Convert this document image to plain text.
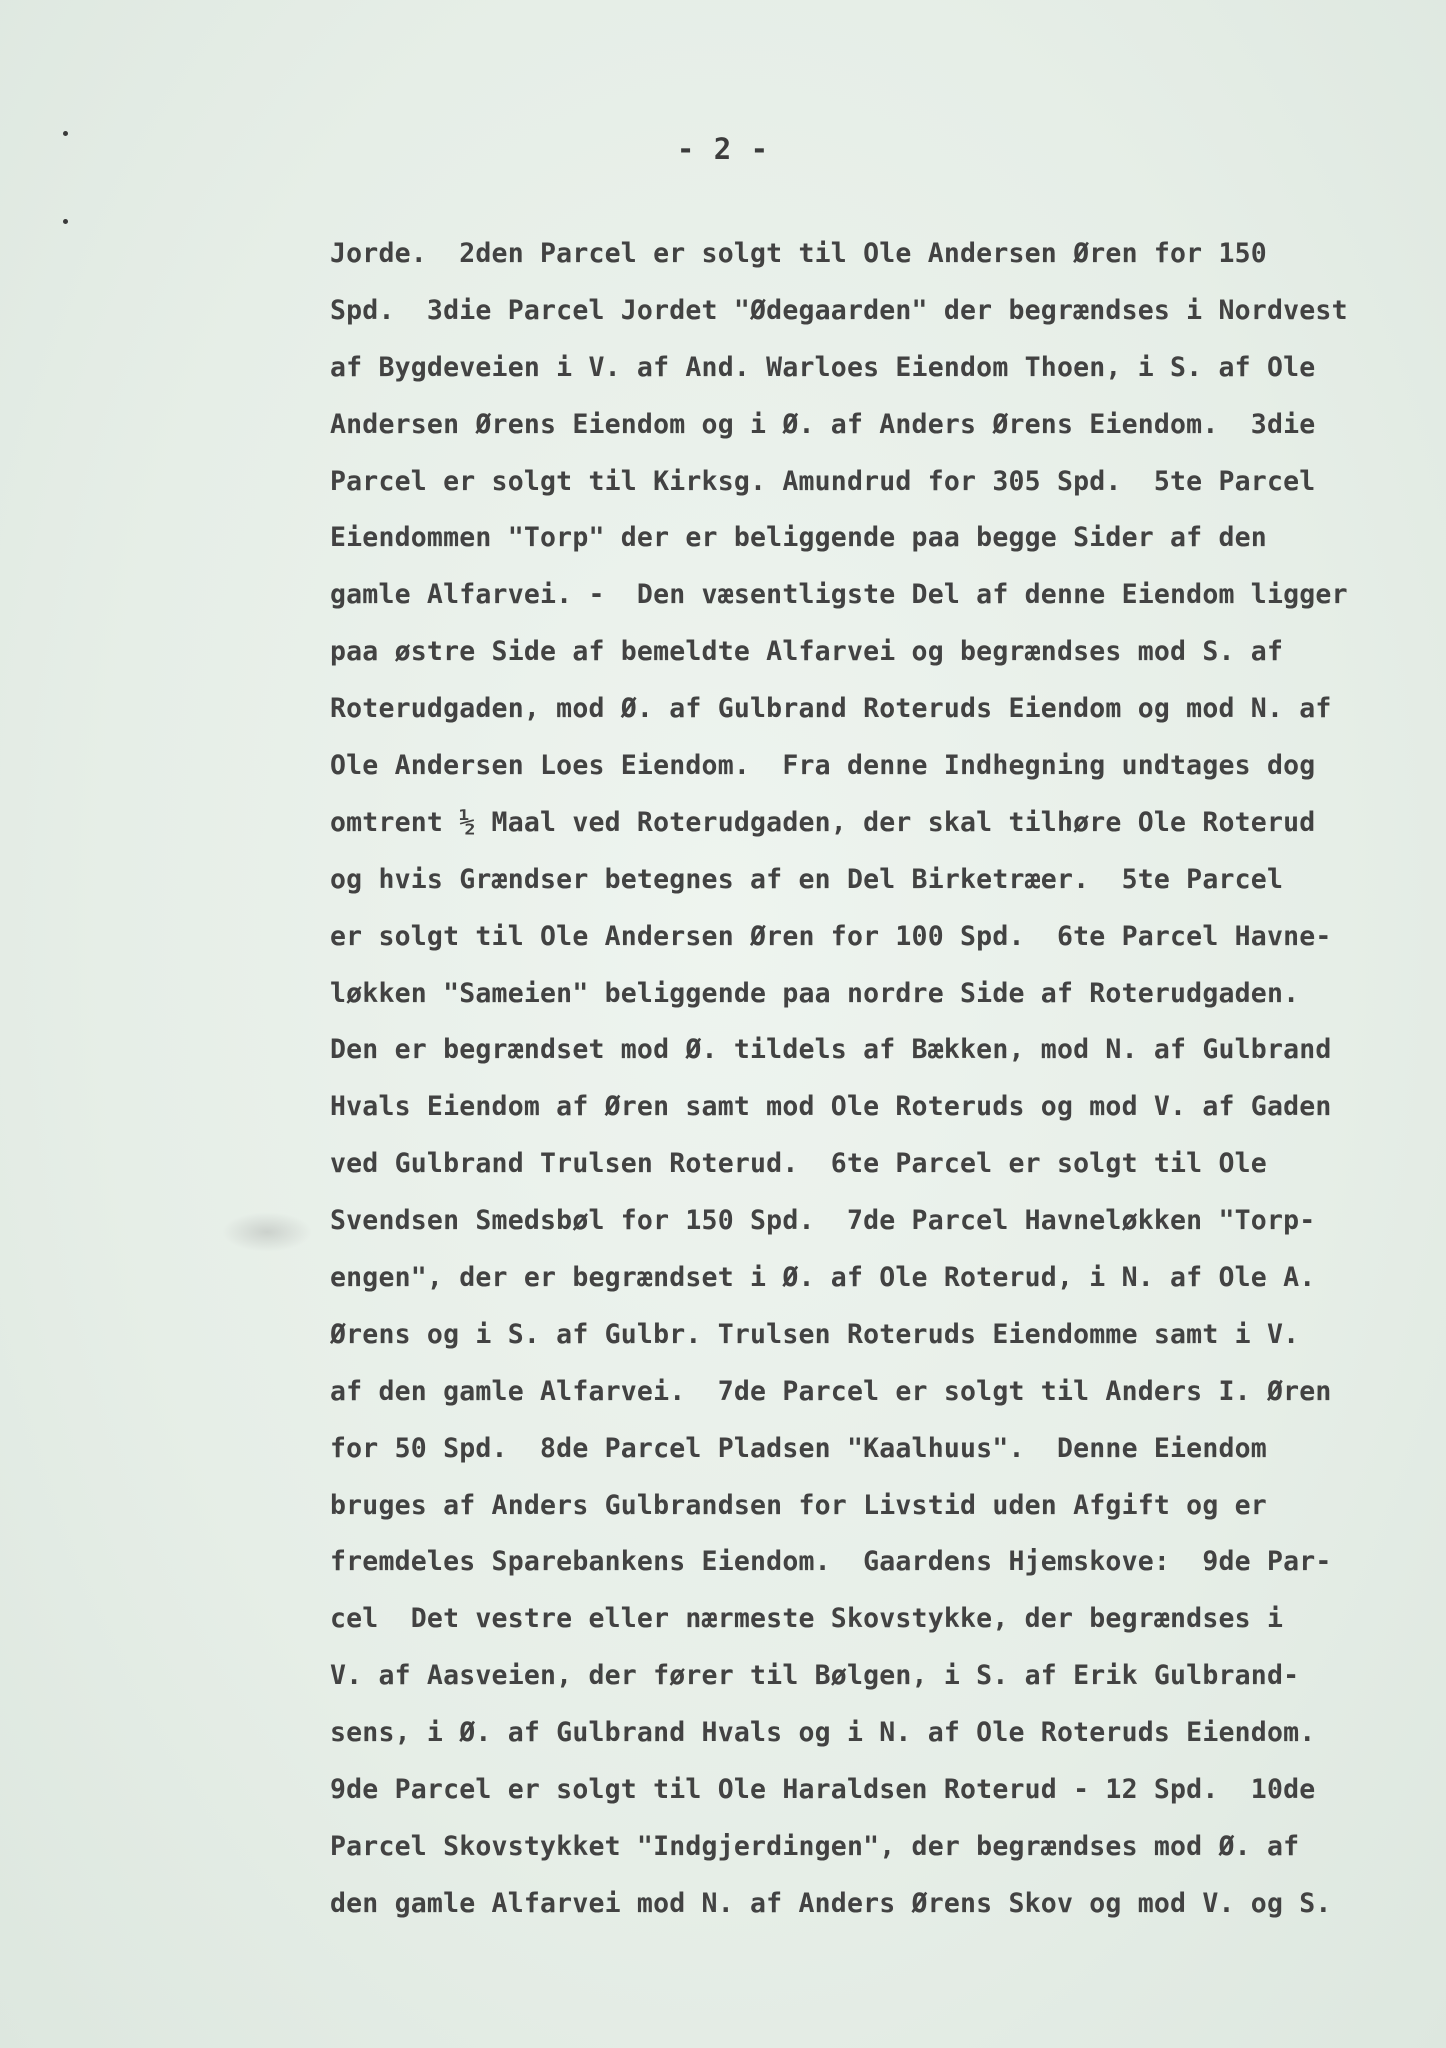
- 2 -
Jorde.  2den Parcel er solgt til Ole Andersen Øren for 150
Spd.  3die Parcel Jordet "Ødegaarden" der begrændses i Nordvest
af Bygdeveien i V. af And. Warloes Eiendom Thoen, i S. af Ole
Andersen Ørens Eiendom og i Ø. af Anders Ørens Eiendom.  3die
Parcel er solgt til Kirksg. Amundrud for 305 Spd.  5te Parcel
Eiendommen "Torp" der er beliggende paa begge Sider af den
gamle Alfarvei. -  Den væsentligste Del af denne Eiendom ligger
paa østre Side af bemeldte Alfarvei og begrændses mod S. af
Roterudgaden, mod Ø. af Gulbrand Roteruds Eiendom og mod N. af
Ole Andersen Loes Eiendom.  Fra denne Indhegning undtages dog
omtrent ½ Maal ved Roterudgaden, der skal tilhøre Ole Roterud
og hvis Grændser betegnes af en Del Birketræer.  5te Parcel
er solgt til Ole Andersen Øren for 100 Spd.  6te Parcel Havne-
løkken "Sameien" beliggende paa nordre Side af Roterudgaden.
Den er begrændset mod Ø. tildels af Bækken, mod N. af Gulbrand
Hvals Eiendom af Øren samt mod Ole Roteruds og mod V. af Gaden
ved Gulbrand Trulsen Roterud.  6te Parcel er solgt til Ole
Svendsen Smedsbøl for 150 Spd.  7de Parcel Havneløkken "Torp-
engen", der er begrændset i Ø. af Ole Roterud, i N. af Ole A.
Ørens og i S. af Gulbr. Trulsen Roteruds Eiendomme samt i V.
af den gamle Alfarvei.  7de Parcel er solgt til Anders I. Øren
for 50 Spd.  8de Parcel Pladsen "Kaalhuus".  Denne Eiendom
bruges af Anders Gulbrandsen for Livstid uden Afgift og er
fremdeles Sparebankens Eiendom.  Gaardens Hjemskove:  9de Par-
cel  Det vestre eller nærmeste Skovstykke, der begrændses i
V. af Aasveien, der fører til Bølgen, i S. af Erik Gulbrand-
sens, i Ø. af Gulbrand Hvals og i N. af Ole Roteruds Eiendom.
9de Parcel er solgt til Ole Haraldsen Roterud - 12 Spd.  10de
Parcel Skovstykket "Indgjerdingen", der begrændses mod Ø. af
den gamle Alfarvei mod N. af Anders Ørens Skov og mod V. og S.
